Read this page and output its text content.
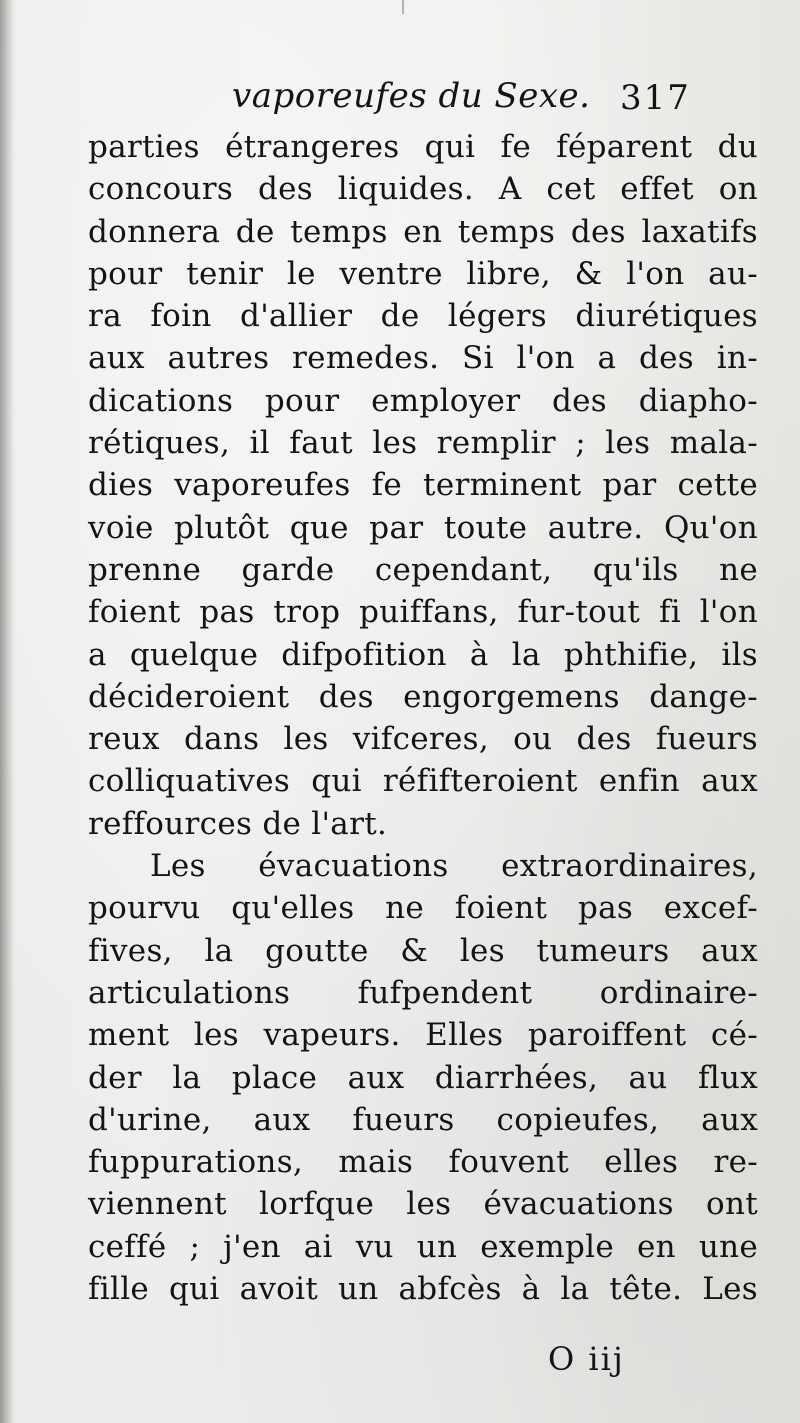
vaporeufes du Sexe. 317
parties étrangeres qui fe féparent du
concours des liquides. A cet effet on
donnera de temps en temps des laxatifs
pour tenir le ventre libre, & l'on au-
ra foin d'allier de légers diurétiques
aux autres remedes. Si l'on a des in-
dications pour employer des diapho-
rétiques, il faut les remplir ; les mala-
dies vaporeufes fe terminent par cette
voie plutôt que par toute autre. Qu'on
prenne garde cependant, qu'ils ne
foient pas trop puiffans, fur-tout fi l'on
a quelque difpofition à la phthifie, ils
décideroient des engorgemens dange-
reux dans les vifceres, ou des fueurs
colliquatives qui réfifteroient enfin aux
reffources de l'art.
Les évacuations extraordinaires,
pourvu qu'elles ne foient pas excef-
fives, la goutte & les tumeurs aux
articulations fufpendent ordinaire-
ment les vapeurs. Elles paroiffent cé-
der la place aux diarrhées, au flux
d'urine, aux fueurs copieufes, aux
fuppurations, mais fouvent elles re-
viennent lorfque les évacuations ont
ceffé ; j'en ai vu un exemple en une
fille qui avoit un abfcès à la tête. Les
O iij
